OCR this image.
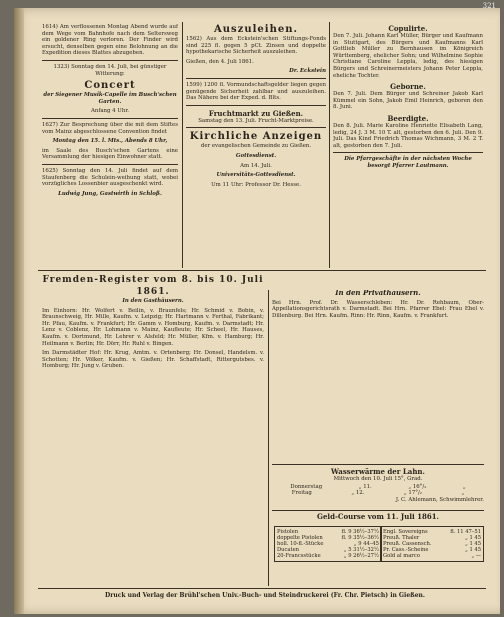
321

1614) Am verflossenen Montag Abend wurde auf dem Wege vom Bahnhofe nach dem Seltersweg ein goldener Ring verloren. Der Finder wird ersucht, denselben gegen eine Belohnung an die Expedition dieses Blattes abzugeben.

1323) Sonntag den 14. Juli, bei günstiger Witterung:

Concert

der Siegener Musik-Capelle im Busch'schen Garten.

Anfang 4 Uhr.

1627) Zur Besprechung über die mit dem Stiftes vom Mainz abgeschlossene Convention findet

Montag den 15. l. Mts., Abends 8 Uhr,

im Saale des Busch'schen Gartens eine Versammlung der hiesigen Einwohner statt.

1625) Sonntag den 14. Juli findet auf dem Staufenberg die Schulein-weihung statt, wobei vorzügliches Lossenbier ausgeschenkt wird.

Ludwig Jung, Gastwirth in Schloß.

Auszuleihen.

1562) Aus dem Eckstein'schen Stiftungs-Fonds sind 225 fl. gegen 5 pCt. Zinsen und doppelte hypothekarische Sicherheit auszuleihen.

Gießen, den 4. Juli 1861.

Dr. Eckstein

1599) 1200 fl. Vormundschaftsgelder liegen gegen genügende Sicherheit zahlbar und auszuleihen. Das Nähere bei der Exped. d. Blts.

Fruchtmarkt zu Gießen.

Samstag den 13. Juli. Frucht-Marktpreise.

Kirchliche Anzeigen

der evangelischen Gemeinde zu Gießen.

Gottesdienst.

Am 14. Juli.

Universitäts-Gottesdienst.

Um 11 Uhr: Professor Dr. Hesse.

Copulirte.

Den 7. Juli. Johann Karl Müller, Bürger und Kaufmann in Stuttgart, des Bürgers und Kaufmanns Karl Gottlieb Müller zu Bernhausen im Königreich Württemberg, ehelicher Sohn; und Wilhelmine Sophie Christiane Caroline Leppla, ledig, des hiesigen Bürgers und Schreinermeisters Johann Peter Leppla, eheliche Tochter.

Geborne.

Den 7. Juli. Dem Bürger und Schreiner Jakob Karl Kümmel ein Sohn, Jakob Emil Heinrich, geboren den 8. Juni.

Beerdigte.

Den 8. Juli. Marie Karoline Henriette Elisabeth Lang, ledig, 24 J. 3 M. 10 T. alt, gestorben den 6. Juli. Den 9. Juli. Das Kind Friedrich Thomas Wichmann, 3 M. 2 T. alt, gestorben den 7. Juli.

Die Pfarrgeschäfte in der nächsten Woche besorgt Pfarrer Lautmann.

Fremden-Register vom 8. bis 10. Juli 1861.

In den Gasthäusern.

Im Einhorn: Hr. Wolfert v. Beilin, v. Braunfels; Hr. Schmid v. Bobin, v. Braunschweig, Hr. Mille, Kaufm. v. Leipzig; Hr. Hartmann v. Ferthal, Fabrikant; Hr. Pfau, Kaufm. v. Frankfurt; Hr. Gamm v. Homburg, Kaufm. v. Darmstadt; Hr. Lenz v. Coblenz, Hr. Lohmann v. Mainz, Kaufleute; Hr. Scheel, Hr. Hauses, Kaufm. v. Dortmund, Hr. Lehrer v. Alsfeld; Hr. Müller, Kfm. v. Hamburg; Hr. Heilmann v. Berlin; Hr. Dörr, Hr. Ruhl v. Bingen.

Im Darmstädter Hof: Hr. Krug, Amtm. v. Ortenberg; Hr. Donsel, Handelsm. v. Schotten; Hr. Völker, Kaufm. v. Gießen; Hr. Schaffstadt, Rittergutsbes. v. Homburg; Hr. Jung v. Gruben.

In den Privathäusern.

Bei Hrn. Prof. Dr. Wasserschleben: Hr. Dr. Rehbaum, Ober-Appellationsgerichtsrath v. Darmstadt. Bei Hrn. Pfarrer Ebel: Frau Ebel v. Dillenburg. Bei Hrn. Kaufm. Rinn: Hr. Rinn, Kaufm. v. Frankfurt.

Wasserwärme der Lahn.

Mittwoch den 10. Juli 15°, Grad.

Donnerstag	„ 11.	„ 16°/₂	„
Freitag	„ 12.	„ 17°/₂	„

J. C. Ahlemann, Schwimmlehrer.

Geld-Course vom 11. Juli 1861.
Pistolen	fl. 9 36½–37½
doppelte Pistolen	fl. 9 35½–36½
holl. 10-fl.-Stücke	„ 9 44–45
Ducaten	„ 5 31½–32½
20-Francsstücke	„ 9 26½–27½
Engl. Sovereigns	fl. 11 47–51
Preuß. Thaler	„ 1 45
Preuß. Cassensch.	„ 1 45
Pr. Cass.-Scheine	„ 1 45
Gold al marco	„ —
Druck und Verlag der Brühl'schen Univ.-Buch- und Steindruckerei (Fr. Chr. Pietsch) in Gießen.
